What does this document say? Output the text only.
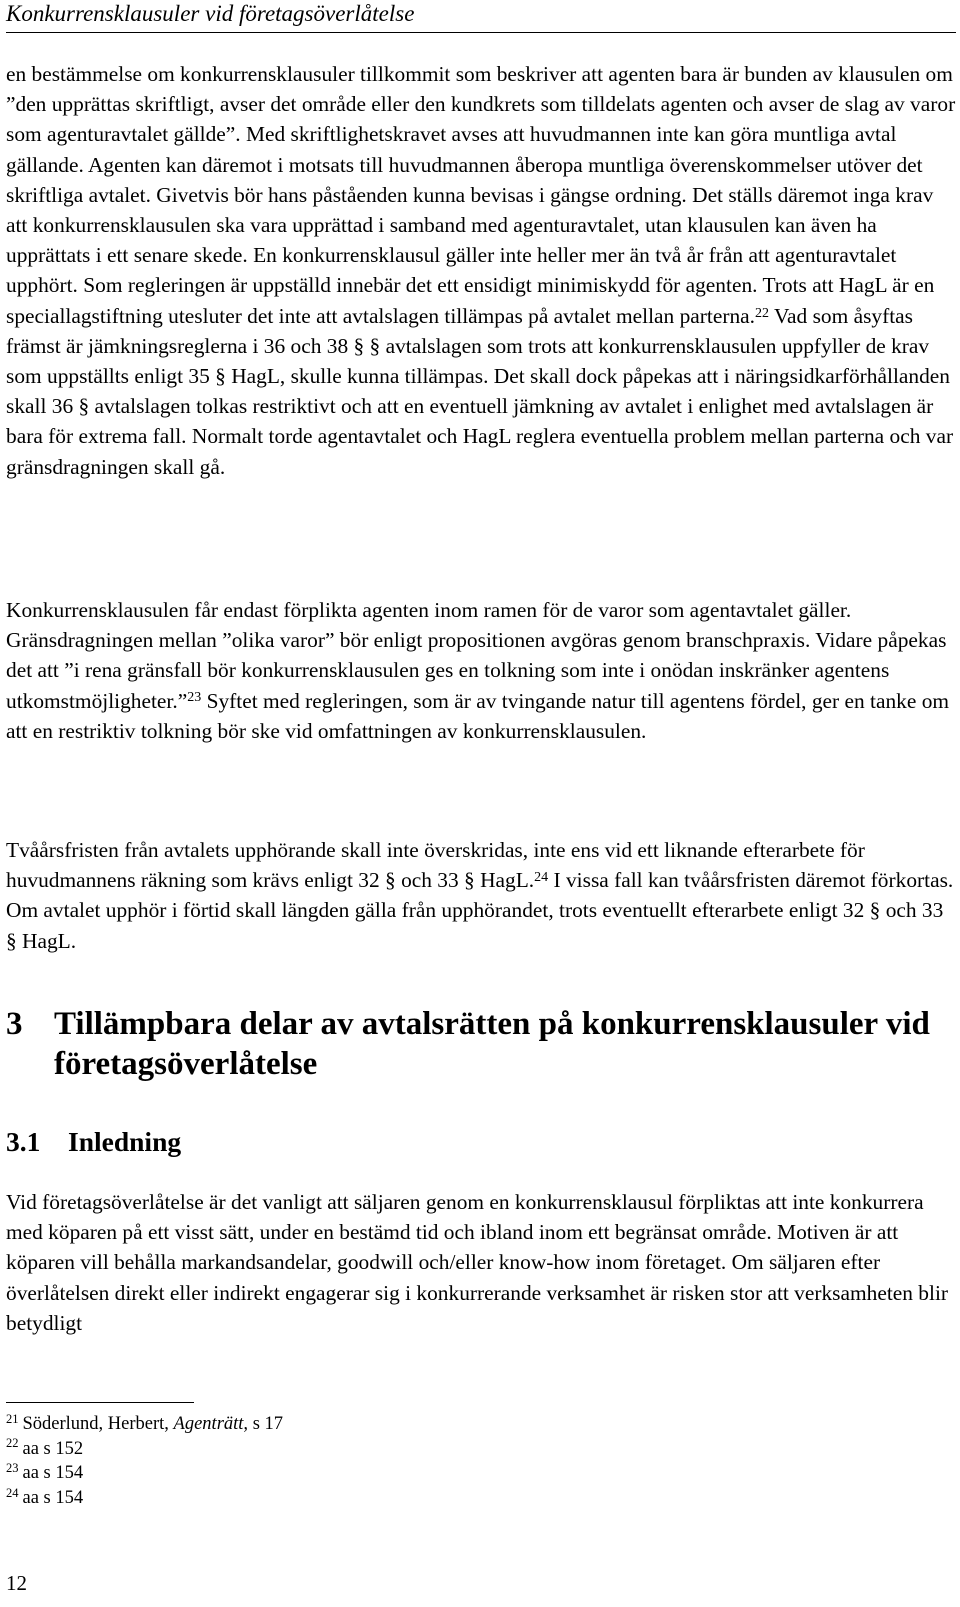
Konkurrensklausuler vid företagsöverlåtelse

en bestämmelse om konkurrensklausuler tillkommit som beskriver att agenten bara är bunden av klausulen om ”den upprättas skriftligt, avser det område eller den kundkrets som tilldelats agenten och avser de slag av varor som agenturavtalet gällde”. Med skriftlighetskravet avses att huvudmannen inte kan göra muntliga avtal gällande. Agenten kan däremot i motsats till huvudmannen åberopa muntliga överenskommelser utöver det skriftliga avtalet. Givetvis bör hans påståenden kunna bevisas i gängse ordning. Det ställs däremot inga krav att konkurrensklausulen ska vara upprättad i samband med agenturavtalet, utan klausulen kan även ha upprättats i ett senare skede. En konkurrensklausul gäller inte heller mer än två år från att agenturavtalet upphört. Som regleringen är uppställd innebär det ett ensidigt minimiskydd för agenten. Trots att HagL är en speciallagstiftning utesluter det inte att avtalslagen tillämpas på avtalet mellan parterna.$^{22}$ Vad som åsyftas främst är jämkningsreglerna i 36 och 38 § § avtalslagen som trots att konkurrensklausulen uppfyller de krav som uppställts enligt 35 § HagL, skulle kunna tillämpas. Det skall dock påpekas att i näringsidkarförhållanden skall 36 § avtalslagen tolkas restriktivt och att en eventuell jämkning av avtalet i enlighet med avtalslagen är bara för extrema fall. Normalt torde agentavtalet och HagL reglera eventuella problem mellan parterna och var gränsdragningen skall gå.

Konkurrensklausulen får endast förplikta agenten inom ramen för de varor som agentavtalet gäller. Gränsdragningen mellan ”olika varor” bör enligt propositionen avgöras genom branschpraxis. Vidare påpekas det att ”i rena gränsfall bör konkurrensklausulen ges en tolkning som inte i onödan inskränker agentens utkomstmöjligheter.”$^{23}$ Syftet med regleringen, som är av tvingande natur till agentens fördel, ger en tanke om att en restriktiv tolkning bör ske vid omfattningen av konkurrensklausulen.

Tvåårsfristen från avtalets upphörande skall inte överskridas, inte ens vid ett liknande efterarbete för huvudmannens räkning som krävs enligt 32 § och 33 § HagL.$^{24}$ I vissa fall kan tvåårsfristen däremot förkortas. Om avtalet upphör i förtid skall längden gälla från upphörandet, trots eventuellt efterarbete enligt 32 § och 33 § HagL.

3 Tillämpbara delar av avtalsrätten på konkurrensklausuler vid företagsöverlåtelse
3.1	Inledning

Vid företagsöverlåtelse är det vanligt att säljaren genom en konkurrensklausul förpliktas att inte konkurrera med köparen på ett visst sätt, under en bestämd tid och ibland inom ett begränsat område. Motiven är att köparen vill behålla markandsandelar, goodwill och/eller know-how inom företaget. Om säljaren efter överlåtelsen direkt eller indirekt engagerar sig i konkurrerande verksamhet är risken stor att verksamheten blir betydligt

$^{21}$ Söderlund, Herbert, Agenträtt, s 17
$^{22}$ aa s 152
$^{23}$ aa s 154
$^{24}$ aa s 154
12
